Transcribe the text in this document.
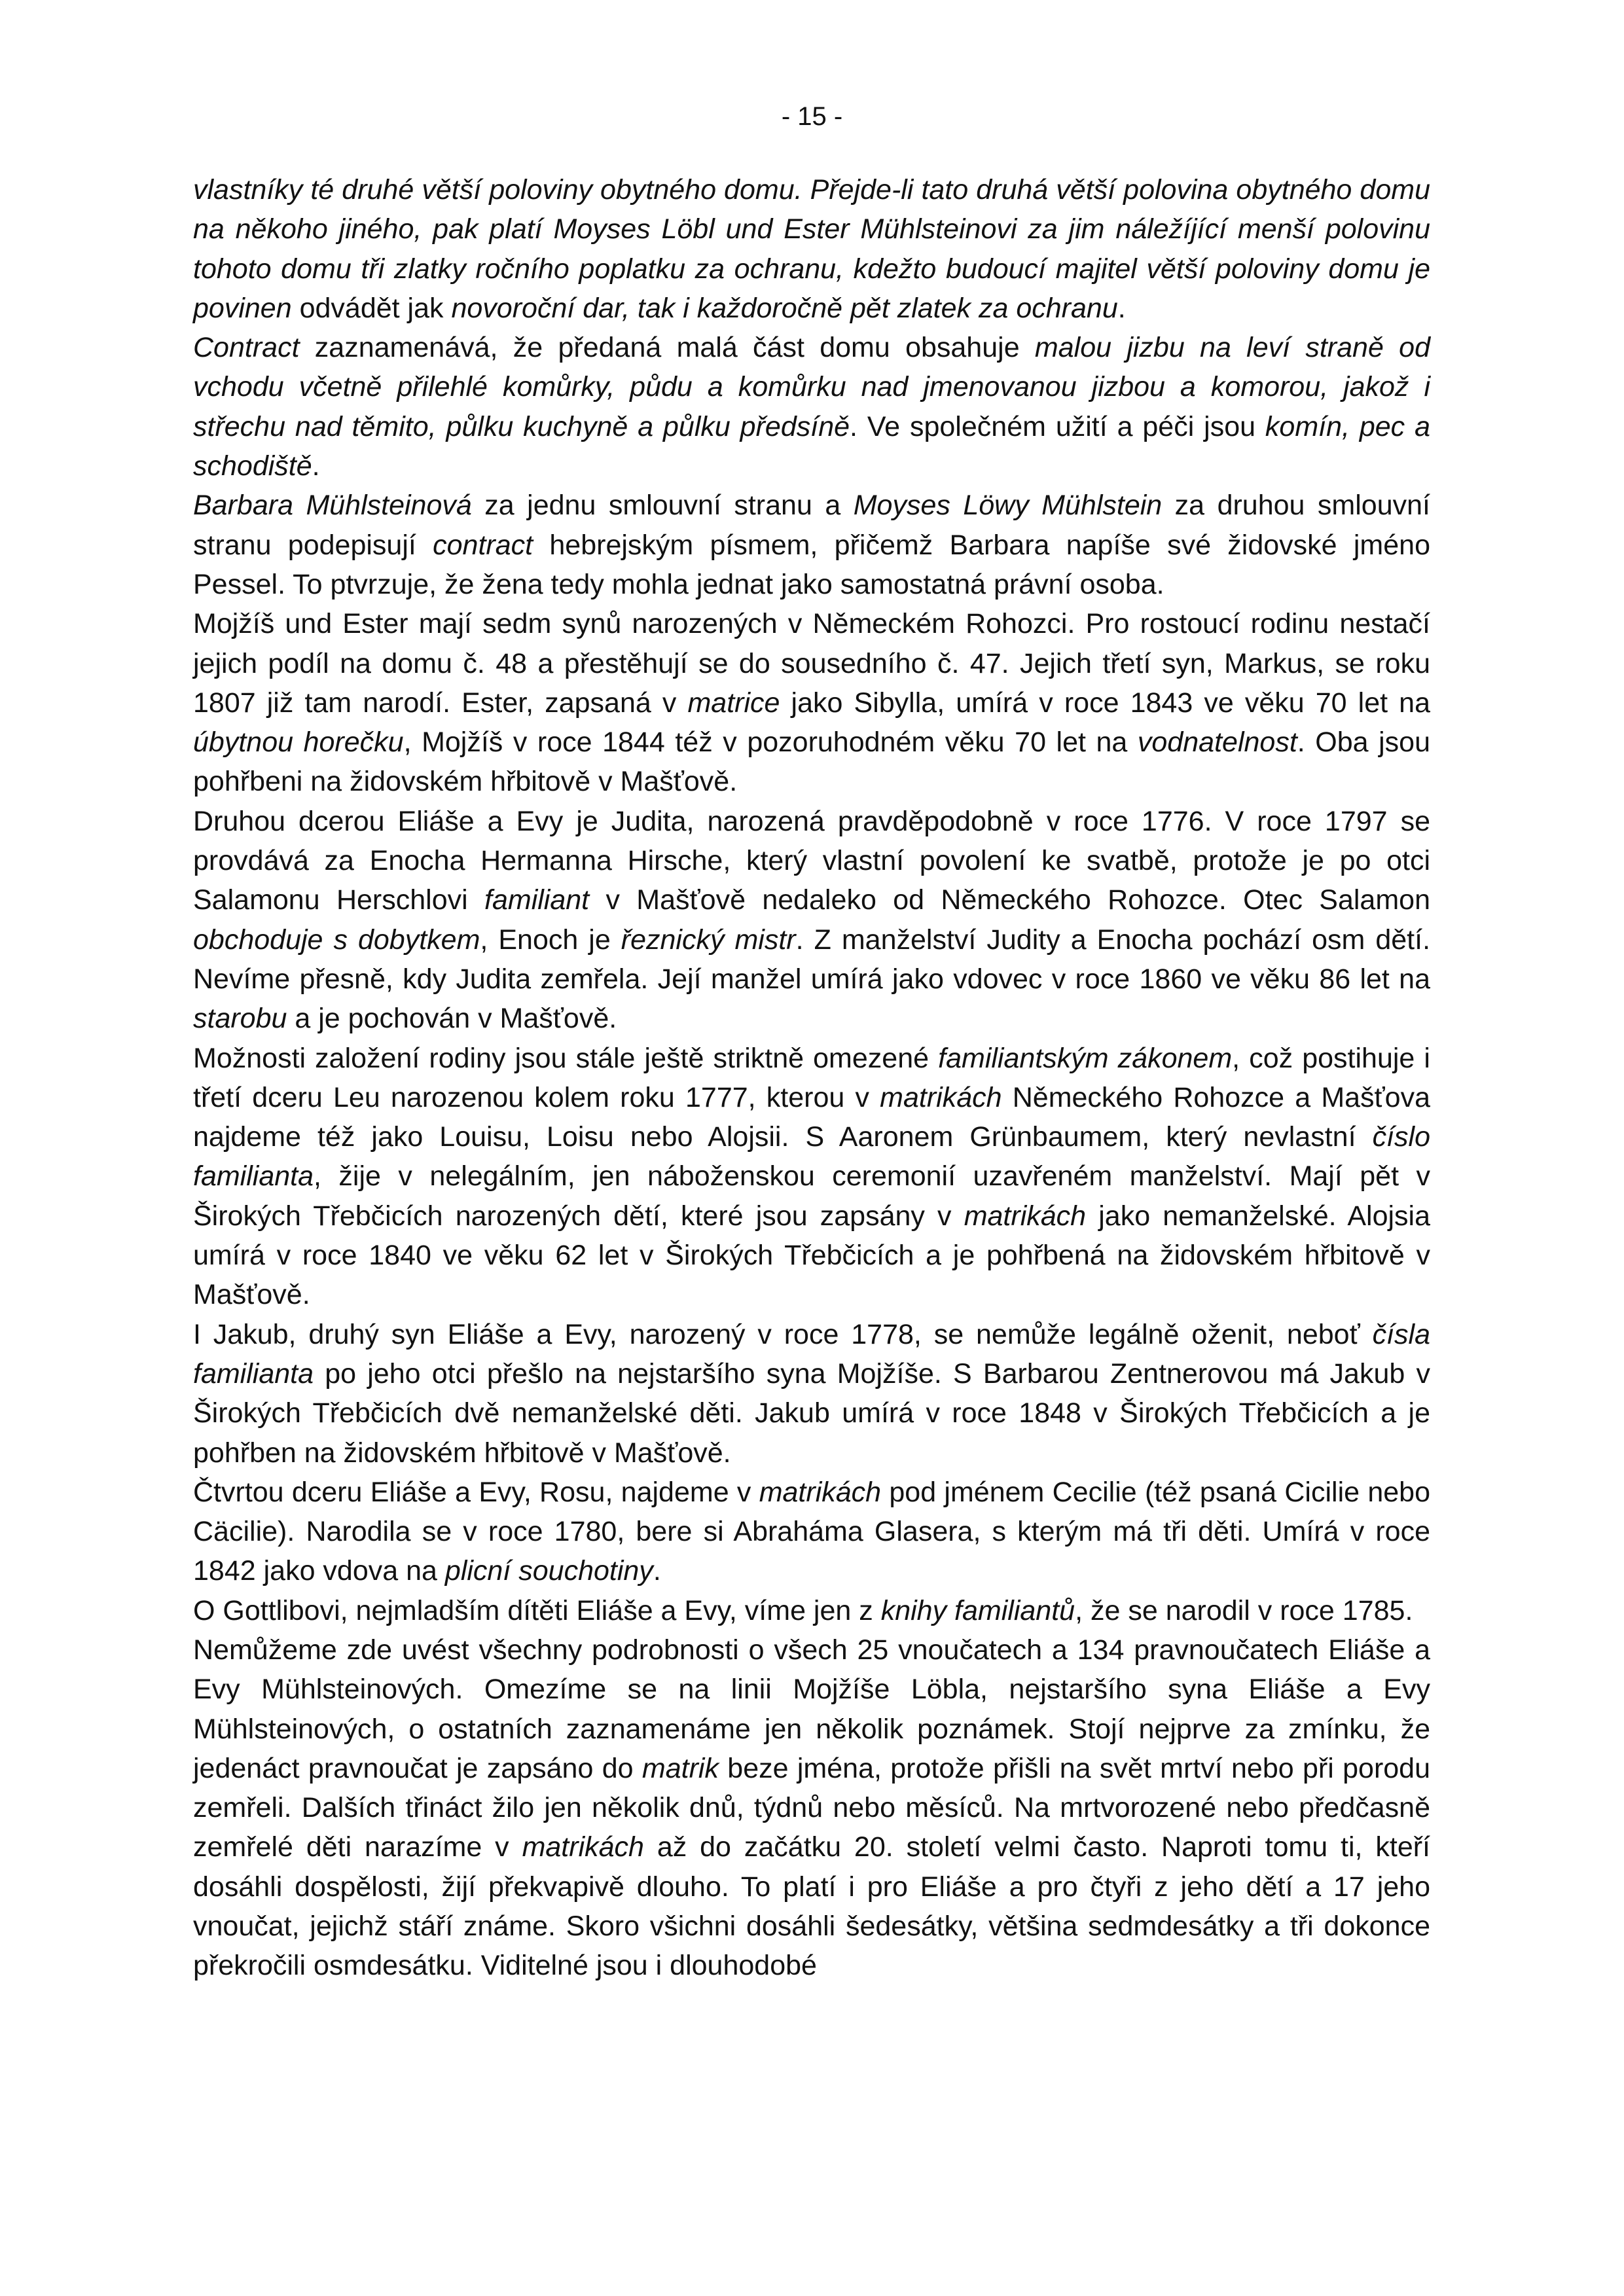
- 15 -

vlastníky té druhé větší poloviny obytného domu. Přejde-li tato druhá větší polovina obytného domu na někoho jiného, pak platí Moyses Löbl und Ester Mühlsteinovi za jim náležíjící menší polovinu tohoto domu tři zlatky ročního poplatku za ochranu, kdežto budoucí majitel větší poloviny domu je povinen odvádět jak novoroční dar, tak i každoročně pět zlatek za ochranu.

Contract zaznamenává, že předaná malá část domu obsahuje malou jizbu na leví straně od vchodu včetně přilehlé komůrky, půdu a komůrku nad jmenovanou jizbou a komorou, jakož i střechu nad těmito, půlku kuchyně a půlku předsíně. Ve společném užití a péči jsou komín, pec a schodiště.

Barbara Mühlsteinová za jednu smlouvní stranu a Moyses Löwy Mühlstein za druhou smlouvní stranu podepisují contract hebrejským písmem, přičemž Barbara napíše své židovské jméno Pessel. To ptvrzuje, že žena tedy mohla jednat jako samostatná právní osoba.

Mojžíš und Ester mají sedm synů narozených v Německém Rohozci. Pro rostoucí rodinu nestačí jejich podíl na domu č. 48 a přestěhují se do sousedního č. 47. Jejich třetí syn, Markus, se roku 1807 již tam narodí. Ester, zapsaná v matrice jako Sibylla, umírá v roce 1843 ve věku 70 let na úbytnou horečku, Mojžíš v roce 1844 též v pozoruhodném věku 70 let na vodnatelnost. Oba jsou pohřbeni na židovském hřbitově v Mašťově.

Druhou dcerou Eliáše a Evy je Judita, narozená pravděpodobně v roce 1776. V roce 1797 se provdává za Enocha Hermanna Hirsche, který vlastní povolení ke svatbě, protože je po otci Salamonu Herschlovi familiant v Mašťově nedaleko od Německého Rohozce. Otec Salamon obchoduje s dobytkem, Enoch je řeznický mistr. Z manželství Judity a Enocha pochází osm dětí. Nevíme přesně, kdy Judita zemřela. Její manžel umírá jako vdovec v roce 1860 ve věku 86 let na starobu a je pochován v Mašťově.

Možnosti založení rodiny jsou stále ještě striktně omezené familiantským zákonem, což postihuje i třetí dceru Leu narozenou kolem roku 1777, kterou v matrikách Německého Rohozce a Mašťova najdeme též jako Louisu, Loisu nebo Alojsii. S Aaronem Grünbaumem, který nevlastní číslo familianta, žije v nelegálním, jen náboženskou ceremonií uzavřeném manželství. Mají pět v Širokých Třebčicích narozených dětí, které jsou zapsány v matrikách jako nemanželské. Alojsia umírá v roce 1840 ve věku 62 let v Širokých Třebčicích a je pohřbená na židovském hřbitově v Mašťově.

I Jakub, druhý syn Eliáše a Evy, narozený v roce 1778, se nemůže legálně oženit, neboť čísla familianta po jeho otci přešlo na nejstaršího syna Mojžíše. S Barbarou Zentnerovou má Jakub v Širokých Třebčicích dvě nemanželské děti. Jakub umírá v roce 1848 v Širokých Třebčicích a je pohřben na židovském hřbitově v Mašťově.

Čtvrtou dceru Eliáše a Evy, Rosu, najdeme v matrikách pod jménem Cecilie (též psaná Cicilie nebo Cäcilie). Narodila se v roce 1780, bere si Abraháma Glasera, s kterým má tři děti. Umírá v roce 1842 jako vdova na plicní souchotiny.

O Gottlibovi, nejmladším dítěti Eliáše a Evy, víme jen z knihy familiantů, že se narodil v roce 1785.

Nemůžeme zde uvést všechny podrobnosti o všech 25 vnoučatech a 134 pravnoučatech Eliáše a Evy Mühlsteinových. Omezíme se na linii Mojžíše Löbla, nejstaršího syna Eliáše a Evy Mühlsteinových, o ostatních zaznamenáme jen několik poznámek. Stojí nejprve za zmínku, že jedenáct pravnoučat je zapsáno do matrik beze jména, protože přišli na svět mrtví nebo při porodu zemřeli. Dalších třináct žilo jen několik dnů, týdnů nebo měsíců. Na mrtvorozené nebo předčasně zemřelé děti narazíme v matrikách až do začátku 20. století velmi často. Naproti tomu ti, kteří dosáhli dospělosti, žijí překvapivě dlouho. To platí i pro Eliáše a pro čtyři z jeho dětí a 17 jeho vnoučat, jejichž stáří známe. Skoro všichni dosáhli šedesátky, většina sedmdesátky a tři dokonce překročili osmdesátku. Viditelné jsou i dlouhodobé
